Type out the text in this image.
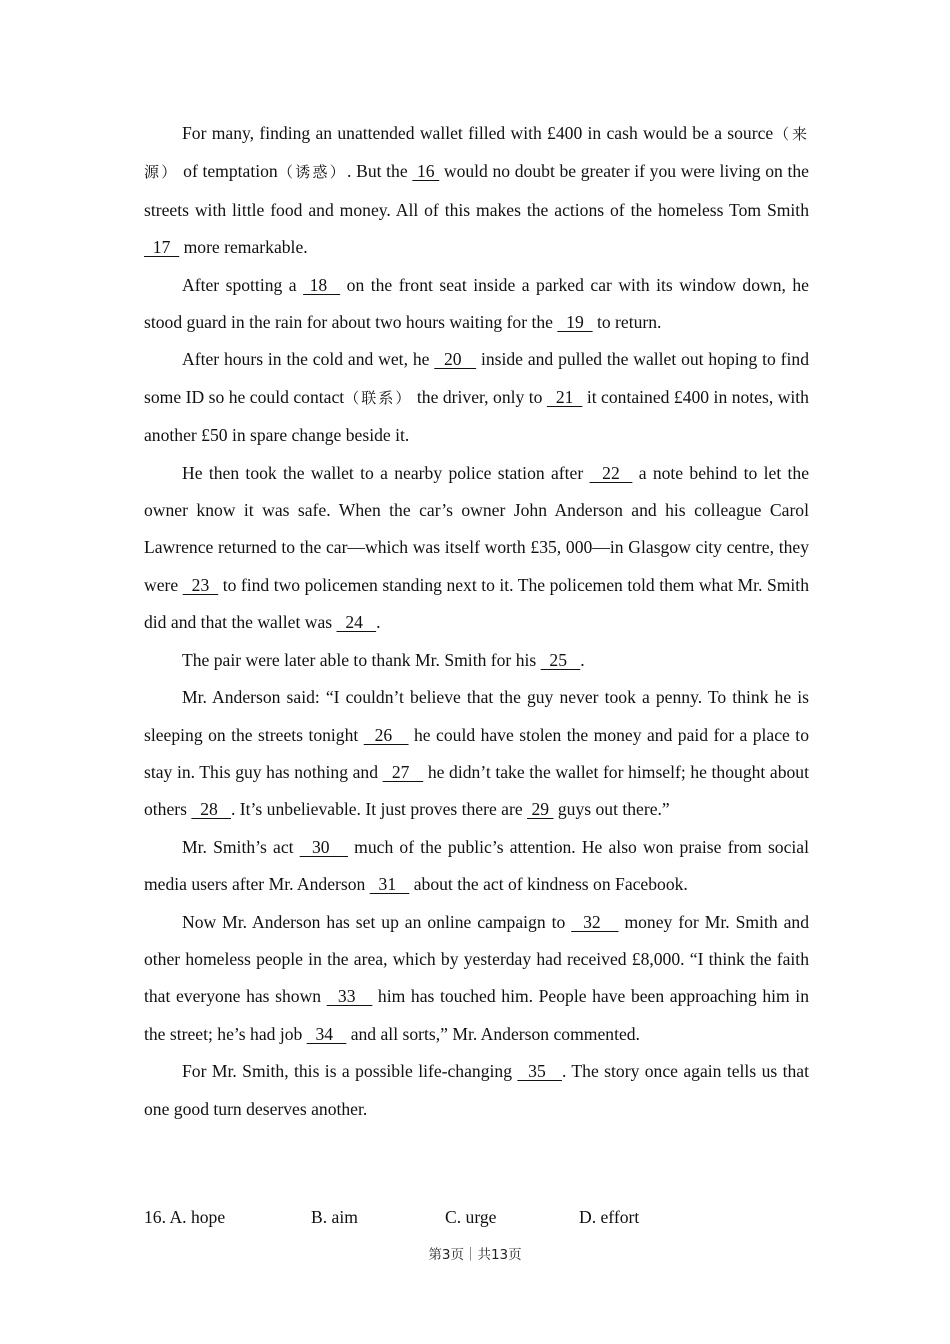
For many, finding an unattended wallet filled with £400 in cash would be a source（来源） of temptation（诱惑）. But the  16  would no doubt be greater if you were living on the streets with little food and money. All of this makes the actions of the homeless Tom Smith   17   more remarkable.

After spotting a  18   on the front seat inside a parked car with its window down, he stood guard in the rain for about two hours waiting for the   19   to return.

After hours in the cold and wet, he   20    inside and pulled the wallet out hoping to find some ID so he could contact（联系） the driver, only to   21   it contained £400 in notes, with another £50 in spare change beside it.

He then took the wallet to a nearby police station after   22   a note behind to let the owner know it was safe. When the car’s owner John Anderson and his colleague Carol Lawrence returned to the car—which was itself worth £35, 000—in Glasgow city centre, they were   23   to find two policemen standing next to it. The policemen told them what Mr. Smith did and that the wallet was   24   .

The pair were later able to thank Mr. Smith for his   25   .

Mr. Anderson said: “I couldn’t believe that the guy never took a penny. To think he is sleeping on the streets tonight   26    he could have stolen the money and paid for a place to stay in. This guy has nothing and   27    he didn’t take the wallet for himself; he thought about others   28   . It’s unbelievable. It just proves there are  29  guys out there.”

Mr. Smith’s act   30    much of the public’s attention. He also won praise from social media users after Mr. Anderson   31    about the act of kindness on Facebook.

Now Mr. Anderson has set up an online campaign to   32    money for Mr. Smith and other homeless people in the area, which by yesterday had received £8,000. “I think the faith that everyone has shown   33    him has touched him. People have been approaching him in the street; he’s had job   34    and all sorts,” Mr. Anderson commented.

For Mr. Smith, this is a possible life-changing   35   . The story once again tells us that one good turn deserves another.

16. A. hope	B. aim	C. urge	D. effort
第3页｜共13页
